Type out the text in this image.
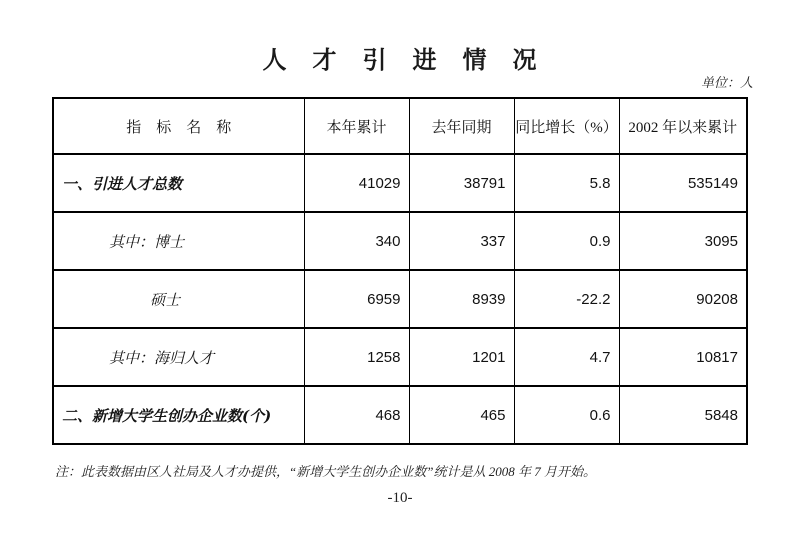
人　才　引　进　情　况
单位：人
指　标　名　称	本年累计	去年同期	同比增长（%）	2002 年以来累计
一、引进人才总数	41029	38791	5.8	535149
其中：博士	340	337	0.9	3095
硕士	6959	8939	-22.2	90208
其中：海归人才	1258	1201	4.7	10817
二、新增大学生创办企业数(个)	468	465	0.6	5848
注：此表数据由区人社局及人才办提供，“新增大学生创办企业数”统计是从 2008 年 7 月开始。
-10-
